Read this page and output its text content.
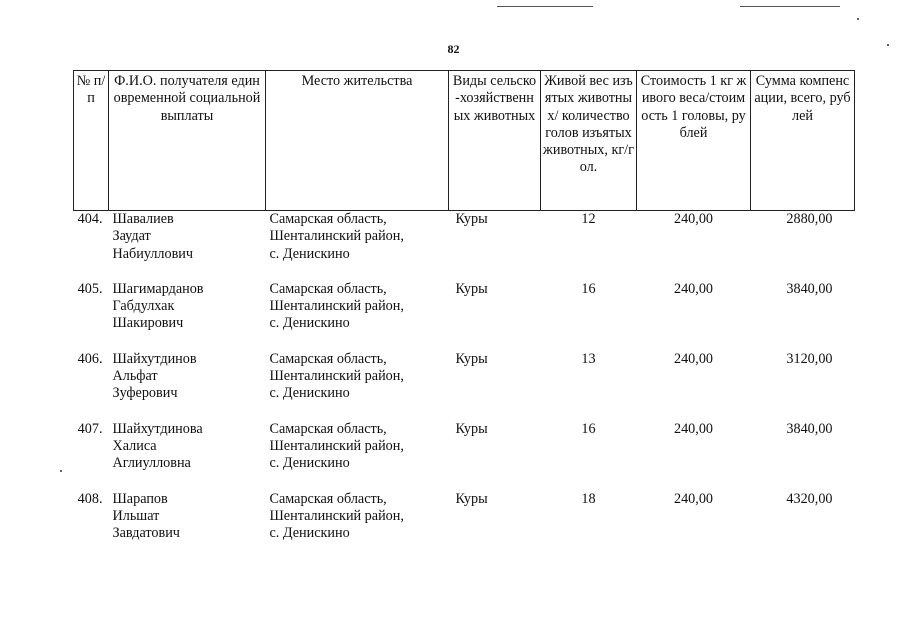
82
№ п/п	Ф.И.О. получателя единовременной социальной выплаты	Место жительства	Виды сельско-хозяйственных животных	Живой вес изъятых животных/ количество голов изъятых животных, кг/гол.	Стоимость 1 кг живого веса/стоимость 1 головы, рублей	Сумма компенсации, всего, рублей
404.	Шавалиев
Заудат
Набиуллович	Самарская область,
Шенталинский район,
с. Денискино	Куры	12	240,00	2880,00

405.	Шагимарданов
Габдулхак
Шакирович	Самарская область,
Шенталинский район,
с. Денискино	Куры	16	240,00	3840,00

406.	Шайхутдинов
Альфат
Зуферович	Самарская область,
Шенталинский район,
с. Денискино	Куры	13	240,00	3120,00

407.	Шайхутдинова
Халиса
Аглиулловна	Самарская область,
Шенталинский район,
с. Денискино	Куры	16	240,00	3840,00

408.	Шарапов
Ильшат
Завдатович	Самарская область,
Шенталинский район,
с. Денискино	Куры	18	240,00	4320,00
